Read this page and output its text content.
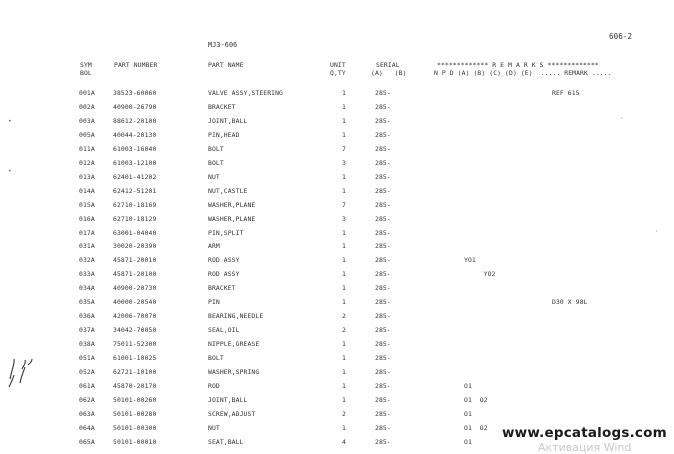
606-2
MJ3-606
SYM
BOL
PART NUMBER	PART NAME	UNIT
Q,TY
SERIAL
(A)   (B)
************* R E M A R K S *************
N P D (A) (B) (C) (D) (E)  ..... REMARK .....
001A	38523-60060	VALVE ASSY,STEERING	1	285-	REF 615
002A	40900-26790	BRACKET	1	285-
003A	88612-20100	JOINT,BALL	1	285-
005A	40044-20130	PIN,HEAD	1	285-
011A	61003-16040	BOLT	7	285-
012A	61003-12100	BOLT	3	285-
013A	62401-41202	NUT	1	285-
014A	62412-51201	NUT,CASTLE	1	285-
015A	62710-18169	WASHER,PLANE	7	285-
016A	62710-18129	WASHER,PLANE	3	285-
017A	63001-04040	PIN,SPLIT	1	285-
031A	30020-20390	ARM	1	285-
032A	45871-20010	ROD ASSY	1	285-	YO1
033A	45871-20100	ROD ASSY	1	285-	YO2
034A	40900-20730	BRACKET	1	285-
035A	40000-20540	PIN	1	285-	D30 X 98L
036A	42006-70070	BEARING,NEEDLE	2	285-
037A	34042-70050	SEAL,OIL	2	285-
038A	75011-52300	NIPPLE,GREASE	1	285-
051A	61001-10025	BOLT	1	285-
052A	62721-10100	WASHER,SPRING	1	285-
061A	45870-20170	ROD	1	285-	O1
062A	50101-00260	JOINT,BALL	1	285-	O1  O2
063A	50101-00280	SCREW,ADJUST	2	285-	O1
064A	50101-00300	NUT	1	285-	O1  O2
065A	50101-00010	SEAT,BALL	4	285-	O1
•
•
·
·
www.epcatalogs.com
Активация Wind
